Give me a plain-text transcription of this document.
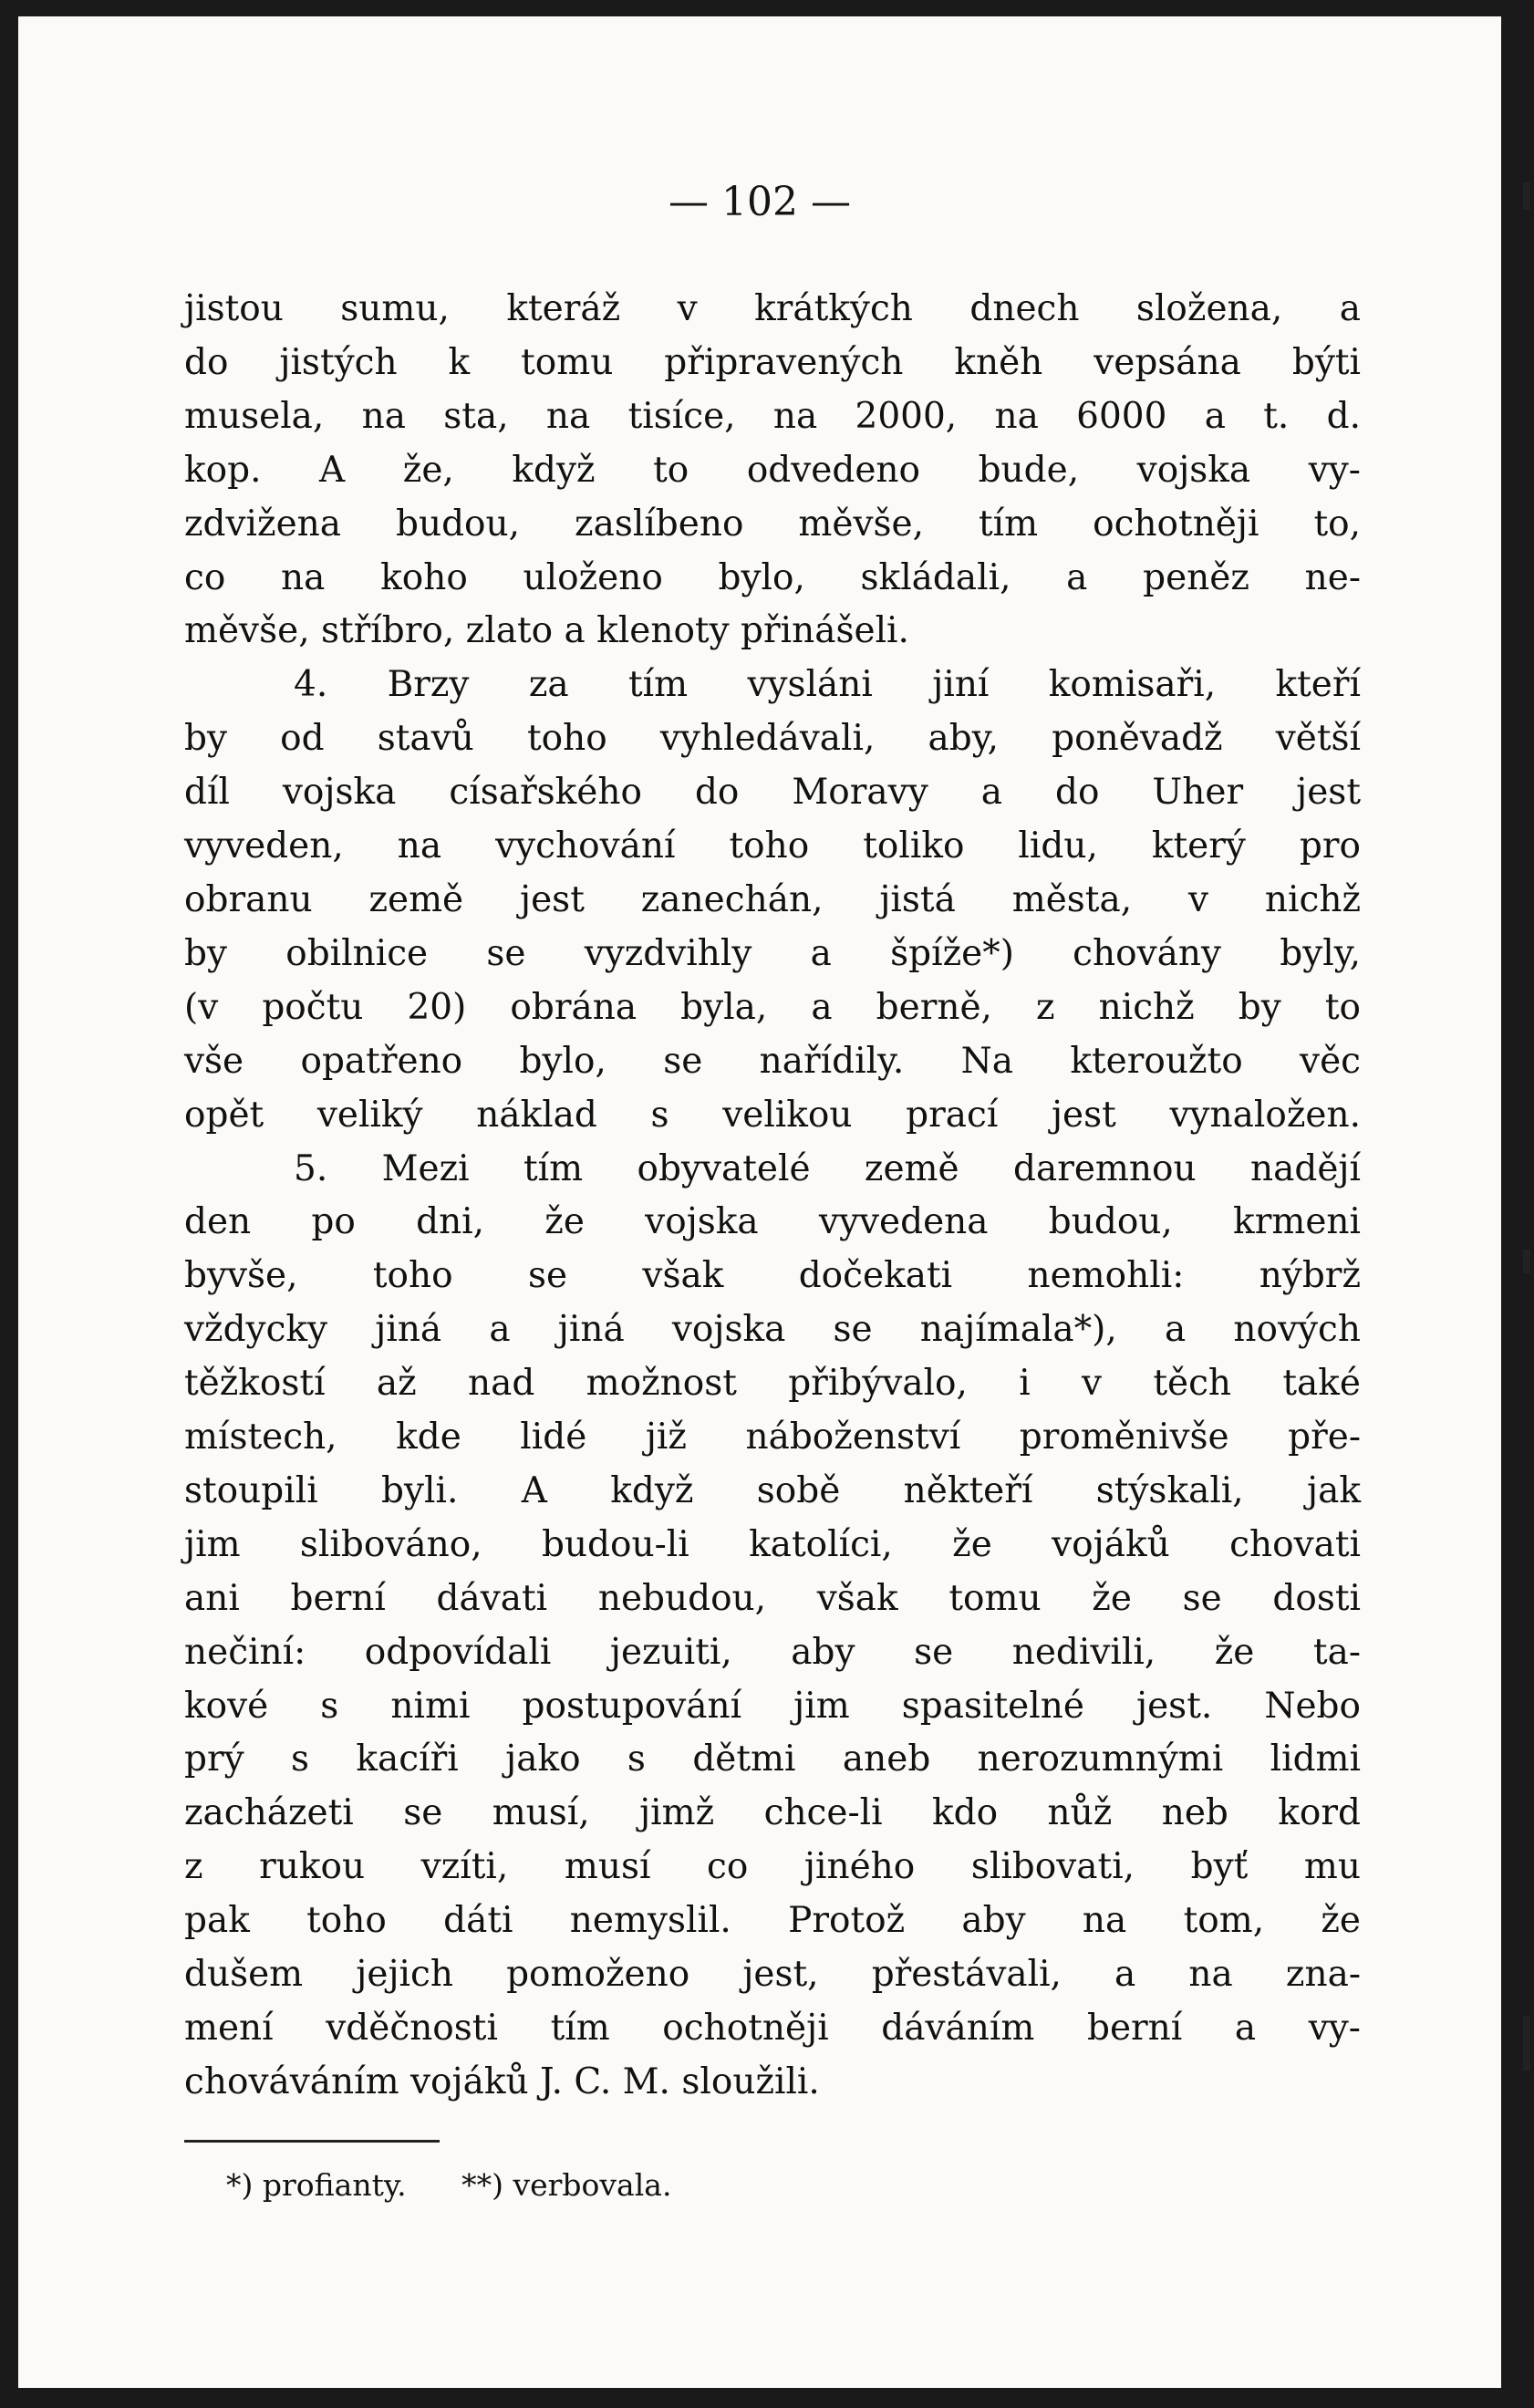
— 102 —
jistou sumu, kteráž v krátkých dnech složena, a
do jistých k tomu připravených kněh vepsána býti
musela, na sta, na tisíce, na 2000, na 6000 a t. d.
kop. A že, když to odvedeno bude, vojska vy-
zdvižena budou, zaslíbeno měvše, tím ochotněji to,
co na koho uloženo bylo, skládali, a peněz ne-
měvše, stříbro, zlato a klenoty přinášeli.
4. Brzy za tím vysláni jiní komisaři, kteří
by od stavů toho vyhledávali, aby, poněvadž větší
díl vojska císařského do Moravy a do Uher jest
vyveden, na vychování toho toliko lidu, který pro
obranu země jest zanechán, jistá města, v nichž
by obilnice se vyzdvihly a špíže*) chovány byly,
(v počtu 20) obrána byla, a berně, z nichž by to
vše opatřeno bylo, se nařídily. Na kteroužto věc
opět veliký náklad s velikou prací jest vynaložen.
5. Mezi tím obyvatelé země daremnou nadějí
den po dni, že vojska vyvedena budou, krmeni
byvše, toho se však dočekati nemohli: nýbrž
vždycky jiná a jiná vojska se najímala*), a nových
těžkostí až nad možnost přibývalo, i v těch také
místech, kde lidé již náboženství proměnivše pře-
stoupili byli. A když sobě někteří stýskali, jak
jim slibováno, budou-li katolíci, že vojáků chovati
ani berní dávati nebudou, však tomu že se dosti
nečiní: odpovídali jezuiti, aby se nedivili, že ta-
kové s nimi postupování jim spasitelné jest. Nebo
prý s kacíři jako s dětmi aneb nerozumnými lidmi
zacházeti se musí, jimž chce-li kdo nůž neb kord
z rukou vzíti, musí co jiného slibovati, byť mu
pak toho dáti nemyslil. Protož aby na tom, že
dušem jejich pomoženo jest, přestávali, a na zna-
mení vděčnosti tím ochotněji dáváním berní a vy-
chováváním vojáků J. C. M. sloužili.
*) profianty. **) verbovala.
